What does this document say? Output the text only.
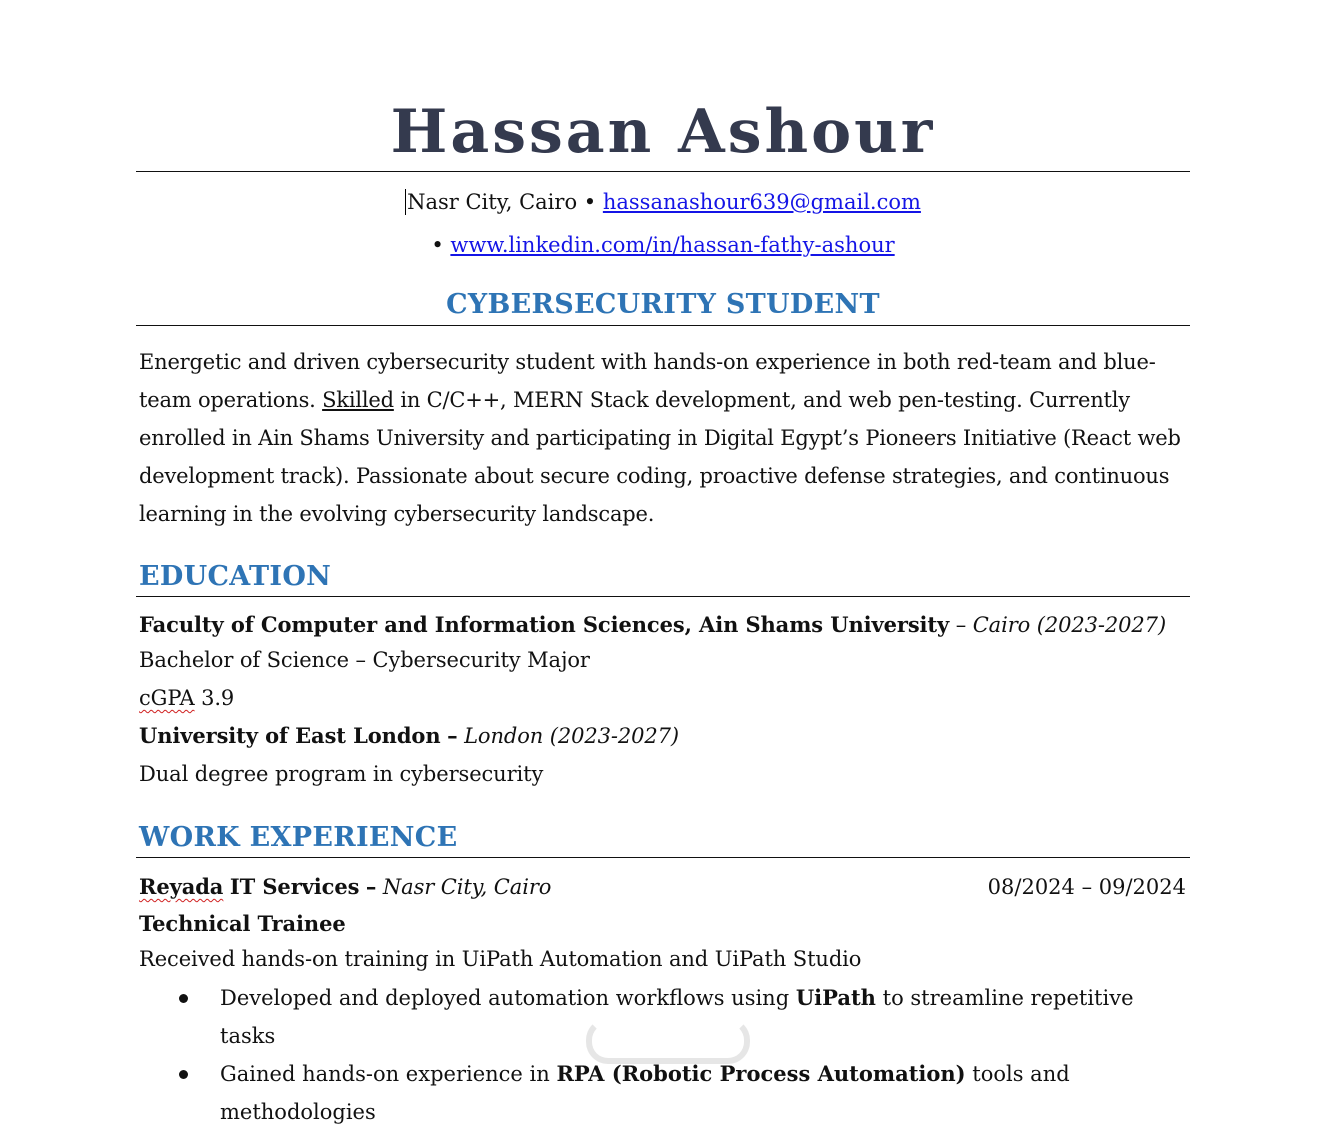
Hassan Ashour
Nasr City, Cairo • hassanashour639@gmail.com
• www.linkedin.com/in/hassan-fathy-ashour
CYBERSECURITY STUDENT
Energetic and driven cybersecurity student with hands-on experience in both red-team and blue-team operations. Skilled in C/C++, MERN Stack development, and web pen-testing. Currently enrolled in Ain Shams University and participating in Digital Egypt’s Pioneers Initiative (React web development track). Passionate about secure coding, proactive defense strategies, and continuous learning in the evolving cybersecurity landscape.
EDUCATION
Faculty of Computer and Information Sciences, Ain Shams University – Cairo (2023-2027)
Bachelor of Science – Cybersecurity Major
cGPA 3.9
University of East London – London (2023-2027)
Dual degree program in cybersecurity
WORK EXPERIENCE
Reyada IT Services – Nasr City, Cairo	08/2024 – 09/2024
Technical Trainee
Received hands-on training in UiPath Automation and UiPath Studio
Developed and deployed automation workflows using UiPath to streamline repetitive tasks
Gained hands-on experience in RPA (Robotic Process Automation) tools and methodologies
